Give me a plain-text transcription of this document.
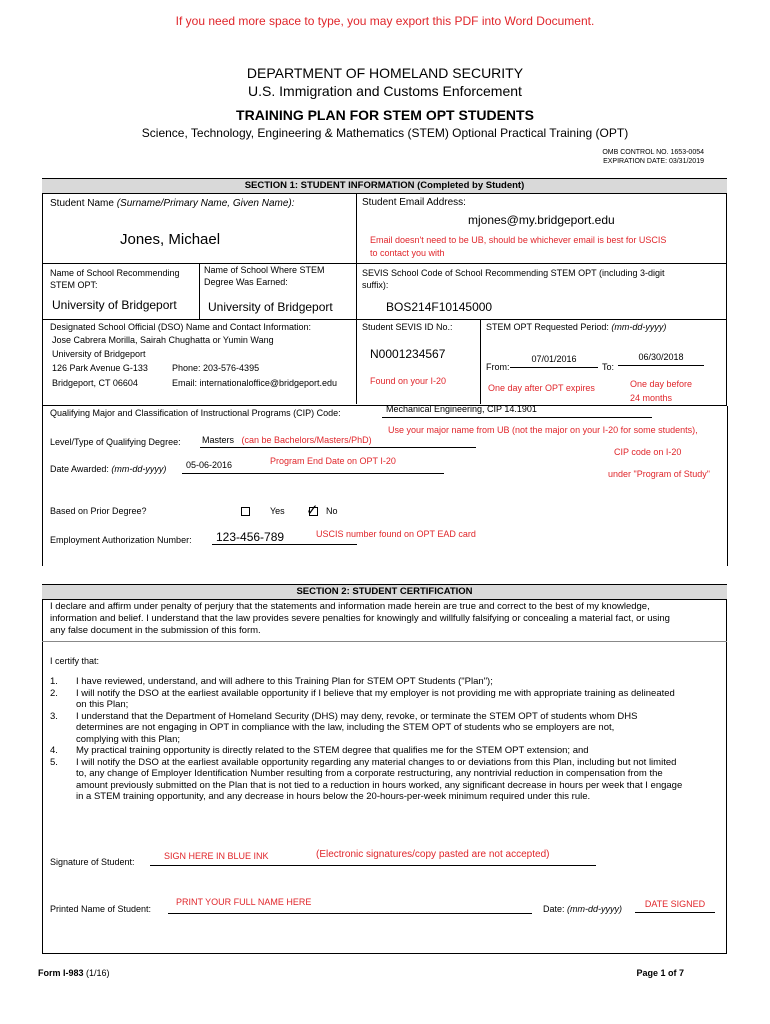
If you need more space to type, you may export this PDF into Word Document.
DEPARTMENT OF HOMELAND SECURITY
U.S. Immigration and Customs Enforcement
TRAINING PLAN FOR STEM OPT STUDENTS
Science, Technology, Engineering & Mathematics (STEM) Optional Practical Training (OPT)
OMB CONTROL NO. 1653-0054
EXPIRATION DATE: 03/31/2019
SECTION 1: STUDENT INFORMATION (Completed by Student)
Student Name (Surname/Primary Name, Given Name):
Jones, Michael
Student Email Address:
mjones@my.bridgeport.edu
Email doesn't need to be UB, should be whichever email is best for USCIS
to contact you with
Name of School Recommending
STEM OPT:
University of Bridgeport
Name of School Where STEM
Degree Was Earned:
University of Bridgeport
SEVIS School Code of School Recommending STEM OPT (including 3-digit
suffix):
BOS214F10145000
Designated School Official (DSO) Name and Contact Information:
Jose Cabrera Morilla, Sairah Chughatta or Yumin Wang
University of Bridgeport
126 Park Avenue G-133	Phone: 203-576-4395
Bridgeport, CT 06604	Email: internationaloffice@bridgeport.edu
Student SEVIS ID No.:
N0001234567
Found on your I-20
STEM OPT Requested Period: (mm-dd-yyyy)
From:
07/01/2016
To:
06/30/2018
One day after OPT expires	One day before
24 months
Qualifying Major and Classification of Instructional Programs (CIP) Code:	Mechanical Engineering, CIP 14.1901
Use your major name from UB (not the major on your I-20 for some students),
CIP code on I-20
under "Program of Study"
Level/Type of Qualifying Degree: Masters (can be Bachelors/Masters/PhD)
Date Awarded: (mm-dd-yyyy)	05-06-2016	Program End Date on OPT I-20
Based on Prior Degree?	Yes ✓ No
Employment Authorization Number:	123-456-789	USCIS number found on OPT EAD card
SECTION 2: STUDENT CERTIFICATION
I declare and affirm under penalty of perjury that the statements and information made herein are true and correct to the best of my knowledge,
information and belief. I understand that the law provides severe penalties for knowingly and willfully falsifying or concealing a material fact, or using
any false document in the submission of this form.
I certify that:
1.	I have reviewed, understand, and will adhere to this Training Plan for STEM OPT Students ("Plan");
2.	I will notify the DSO at the earliest available opportunity if I believe that my employer is not providing me with appropriate training as delineated
on this Plan;
3.	I understand that the Department of Homeland Security (DHS) may deny, revoke, or terminate the STEM OPT of students whom DHS
determines are not engaging in OPT in compliance with the law, including the STEM OPT of students who se employers are not,
complying with this Plan;
4.	My practical training opportunity is directly related to the STEM degree that qualifies me for the STEM OPT extension; and
5.	I will notify the DSO at the earliest available opportunity regarding any material changes to or deviations from this Plan, including but not limited
to, any change of Employer Identification Number resulting from a corporate restructuring, any nontrivial reduction in compensation from the
amount previously submitted on the Plan that is not tied to a reduction in hours worked, any significant decrease in hours per week that I engage
in a STEM training opportunity, and any decrease in hours below the 20-hours-per-week minimum required under this rule.
Signature of Student:
SIGN HERE IN BLUE INK	(Electronic signatures/copy pasted are not accepted)
Printed Name of Student:
PRINT YOUR FULL NAME HERE
Date: (mm-dd-yyyy)	DATE SIGNED
Form I-983 (1/16)	Page 1 of 7
